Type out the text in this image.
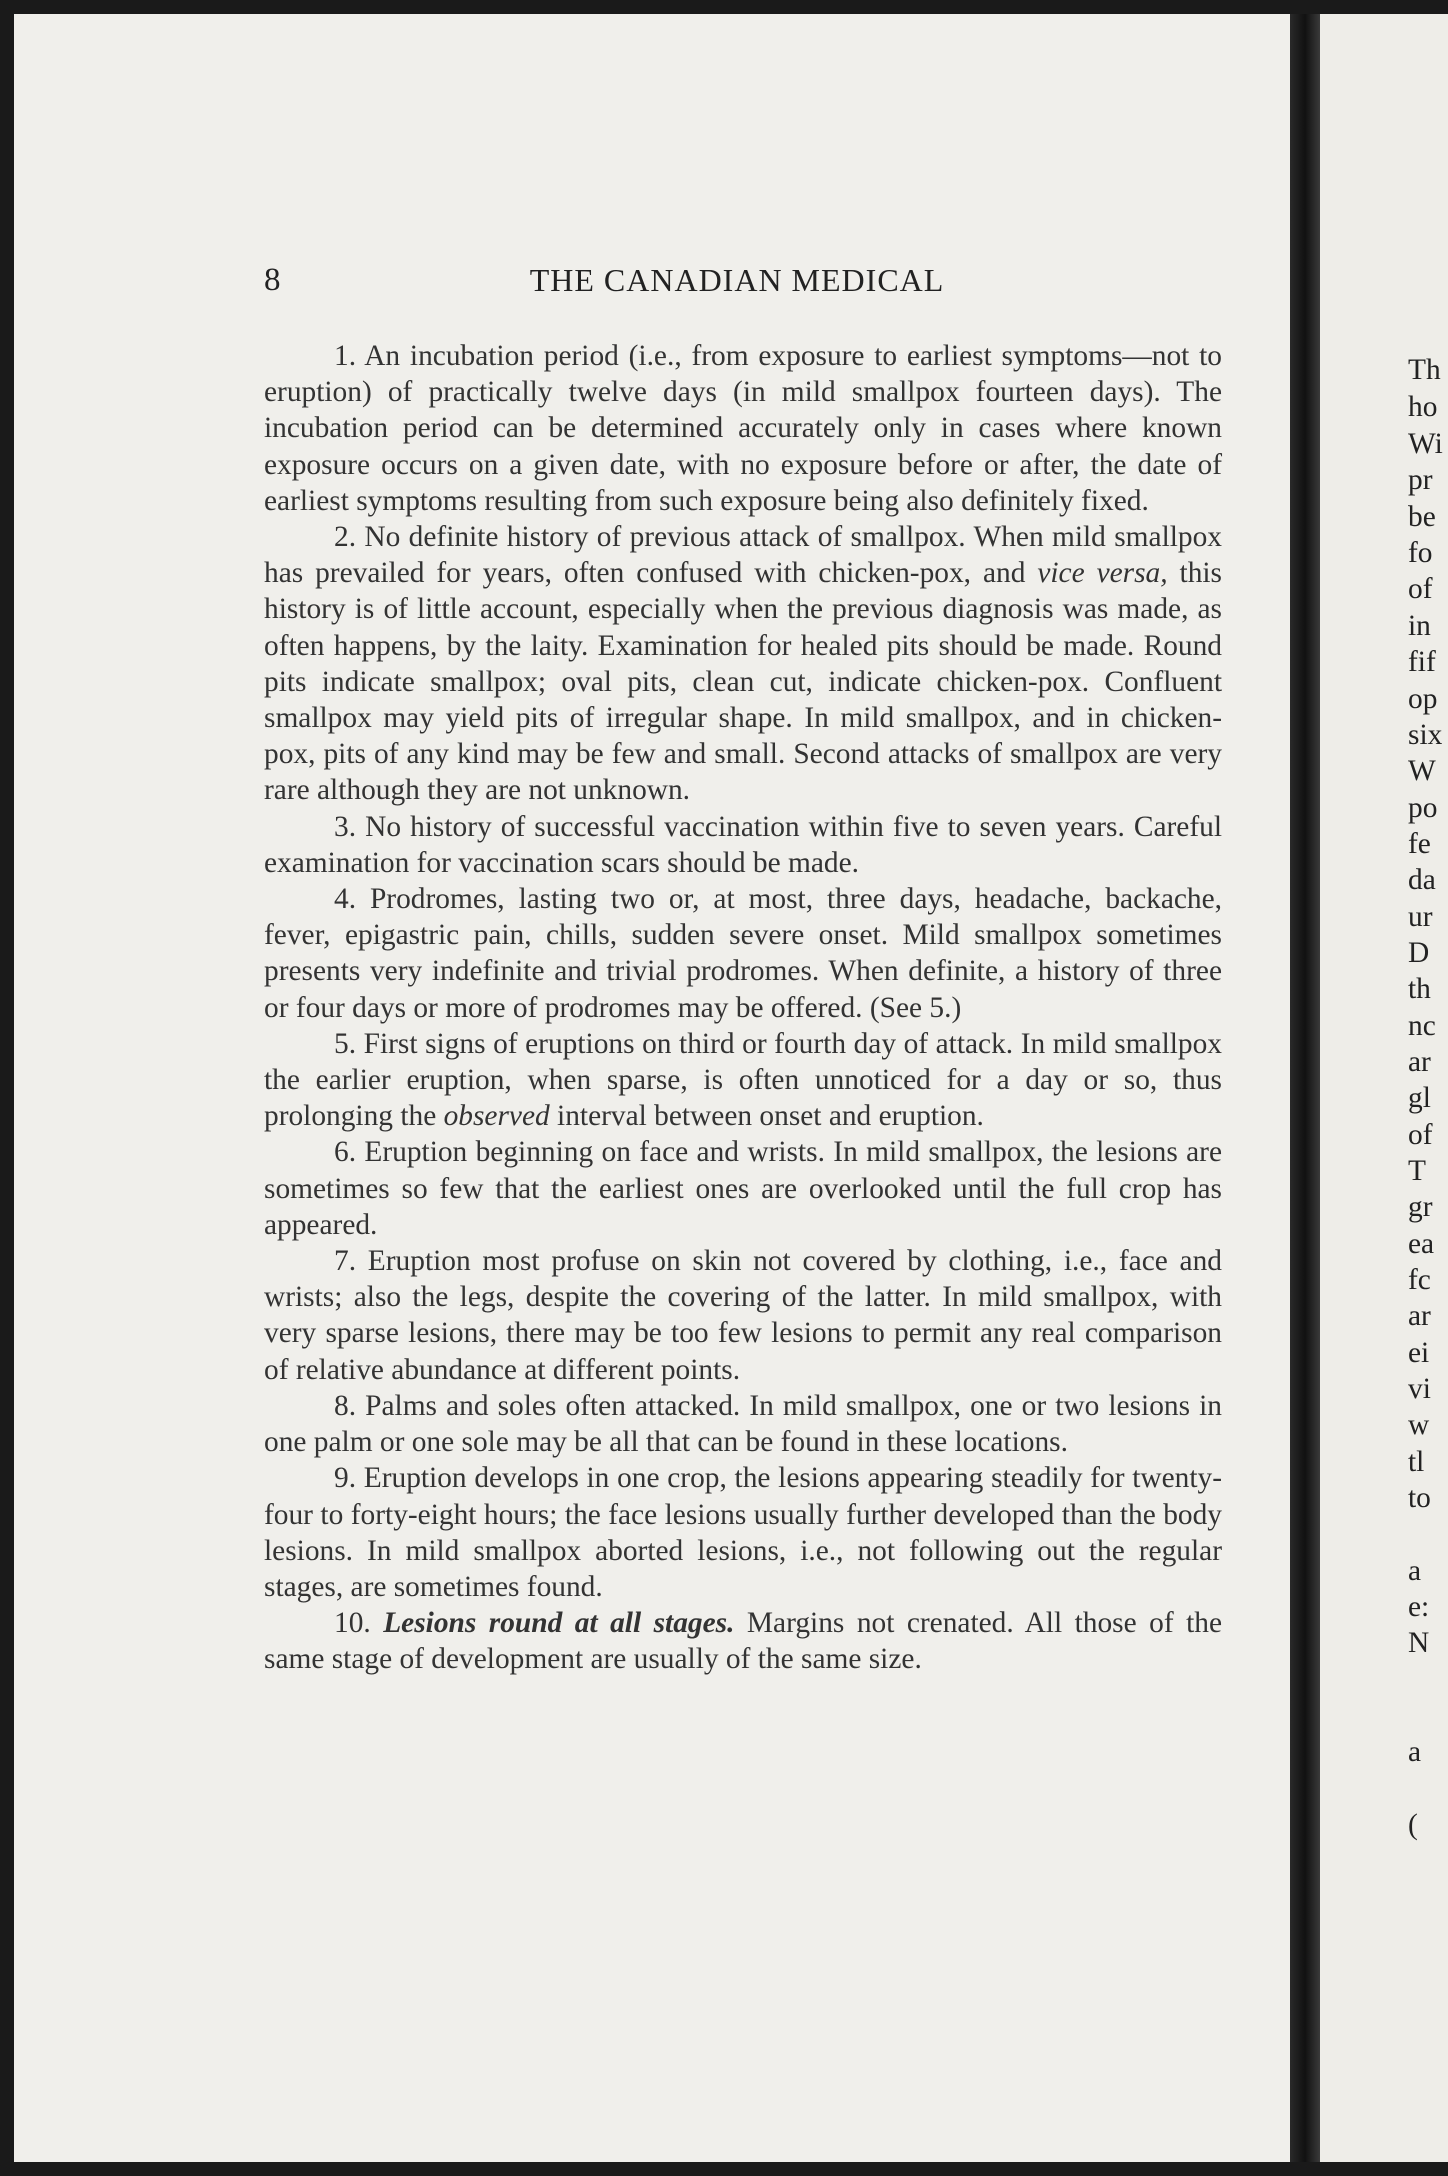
Th
ho
Wi
pr
be
fo
of
in
fif
op
six
W
po
fe
da
ur
D
th
nc
ar
gl
of
T
gr
ea
fc
ar
ei
vi
w
tl
to
a
e:
N
a
(
8	THE CANADIAN MEDICAL

1. An incubation period (i.e., from exposure to earliest symptoms—not to eruption) of practically twelve days (in mild smallpox fourteen days). The incubation period can be determined accurately only in cases where known exposure occurs on a given date, with no exposure before or after, the date of earliest symptoms resulting from such exposure being also definitely fixed.

2. No definite history of previous attack of smallpox. When mild smallpox has prevailed for years, often confused with chicken-pox, and vice versa, this history is of little account, especially when the previous diagnosis was made, as often happens, by the laity. Examination for healed pits should be made. Round pits indicate smallpox; oval pits, clean cut, indicate chicken-pox. Confluent smallpox may yield pits of irregular shape. In mild smallpox, and in chicken-pox, pits of any kind may be few and small. Second attacks of smallpox are very rare although they are not unknown.

3. No history of successful vaccination within five to seven years. Careful examination for vaccination scars should be made.

4. Prodromes, lasting two or, at most, three days, headache, backache, fever, epigastric pain, chills, sudden severe onset. Mild smallpox sometimes presents very indefinite and trivial prodromes. When definite, a history of three or four days or more of prodromes may be offered. (See 5.)

5. First signs of eruptions on third or fourth day of attack. In mild smallpox the earlier eruption, when sparse, is often unnoticed for a day or so, thus prolonging the observed interval between onset and eruption.

6. Eruption beginning on face and wrists. In mild smallpox, the lesions are sometimes so few that the earliest ones are overlooked until the full crop has appeared.

7. Eruption most profuse on skin not covered by clothing, i.e., face and wrists; also the legs, despite the covering of the latter. In mild smallpox, with very sparse lesions, there may be too few lesions to permit any real comparison of relative abundance at different points.

8. Palms and soles often attacked. In mild smallpox, one or two lesions in one palm or one sole may be all that can be found in these locations.

9. Eruption develops in one crop, the lesions appearing steadily for twenty-four to forty-eight hours; the face lesions usually further developed than the body lesions. In mild smallpox aborted lesions, i.e., not following out the regular stages, are sometimes found.

10. Lesions round at all stages. Margins not crenated. All those of the same stage of development are usually of the same size.
